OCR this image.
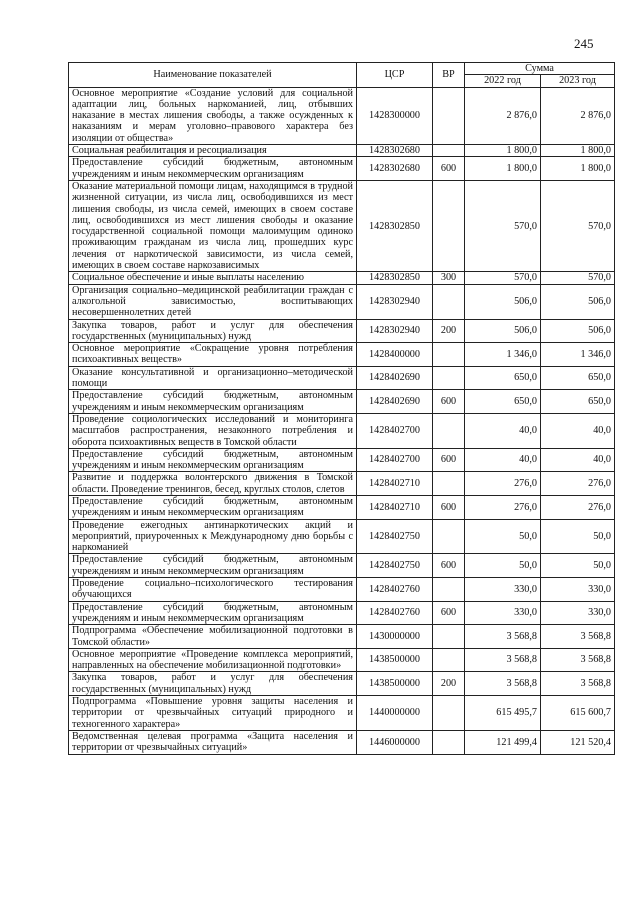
245
Наименование показателей	ЦСР	ВР	Сумма	
			2022 год	2023 год
Основное мероприятие «Создание условий для социальной адаптации лиц, больных наркоманией, лиц, отбывших наказание в местах лишения свободы, а также осужденных к наказаниям и мерам уголовно–правового характера без изоляции от общества»	1428300000		2 876,0	2 876,0
Социальная реабилитация и ресоциализация	1428302680		1 800,0	1 800,0
Предоставление субсидий бюджетным, автономным учреждениям и иным некоммерческим организациям	1428302680	600	1 800,0	1 800,0
Оказание материальной помощи лицам, находящимся в трудной жизненной ситуации, из числа лиц, освободившихся из мест лишения свободы, из числа семей, имеющих в своем составе лиц, освободившихся из мест лишения свободы и оказание государственной социальной помощи малоимущим одиноко проживающим гражданам из числа лиц, прошедших курс лечения от наркотической зависимости, из числа семей, имеющих в своем составе наркозависимых	1428302850		570,0	570,0
Социальное обеспечение и иные выплаты населению	1428302850	300	570,0	570,0
Организация социально–медицинской реабилитации граждан с алкогольной зависимостью, воспитывающих несовершеннолетних детей	1428302940		506,0	506,0
Закупка товаров, работ и услуг для обеспечения государственных (муниципальных) нужд	1428302940	200	506,0	506,0
Основное мероприятие «Сокращение уровня потребления психоактивных веществ»	1428400000		1 346,0	1 346,0
Оказание консультативной и организационно–методической помощи	1428402690		650,0	650,0
Предоставление субсидий бюджетным, автономным учреждениям и иным некоммерческим организациям	1428402690	600	650,0	650,0
Проведение социологических исследований и мониторинга масштабов распространения, незаконного потребления и оборота психоактивных веществ в Томской области	1428402700		40,0	40,0
Предоставление субсидий бюджетным, автономным учреждениям и иным некоммерческим организациям	1428402700	600	40,0	40,0
Развитие и поддержка волонтерского движения в Томской области. Проведение тренингов, бесед, круглых столов, слетов	1428402710		276,0	276,0
Предоставление субсидий бюджетным, автономным учреждениям и иным некоммерческим организациям	1428402710	600	276,0	276,0
Проведение ежегодных антинаркотических акций и мероприятий, приуроченных к Международному дню борьбы с наркоманией	1428402750		50,0	50,0
Предоставление субсидий бюджетным, автономным учреждениям и иным некоммерческим организациям	1428402750	600	50,0	50,0
Проведение социально–психологического тестирования обучающихся	1428402760		330,0	330,0
Предоставление субсидий бюджетным, автономным учреждениям и иным некоммерческим организациям	1428402760	600	330,0	330,0
Подпрограмма «Обеспечение мобилизационной подготовки в Томской области»	1430000000		3 568,8	3 568,8
Основное мероприятие «Проведение комплекса мероприятий, направленных на обеспечение мобилизационной подготовки»	1438500000		3 568,8	3 568,8
Закупка товаров, работ и услуг для обеспечения государственных (муниципальных) нужд	1438500000	200	3 568,8	3 568,8
Подпрограмма «Повышение уровня защиты населения и территории от чрезвычайных ситуаций природного и техногенного характера»	1440000000		615 495,7	615 600,7
Ведомственная целевая программа «Защита населения и территории от чрезвычайных ситуаций»	1446000000		121 499,4	121 520,4
